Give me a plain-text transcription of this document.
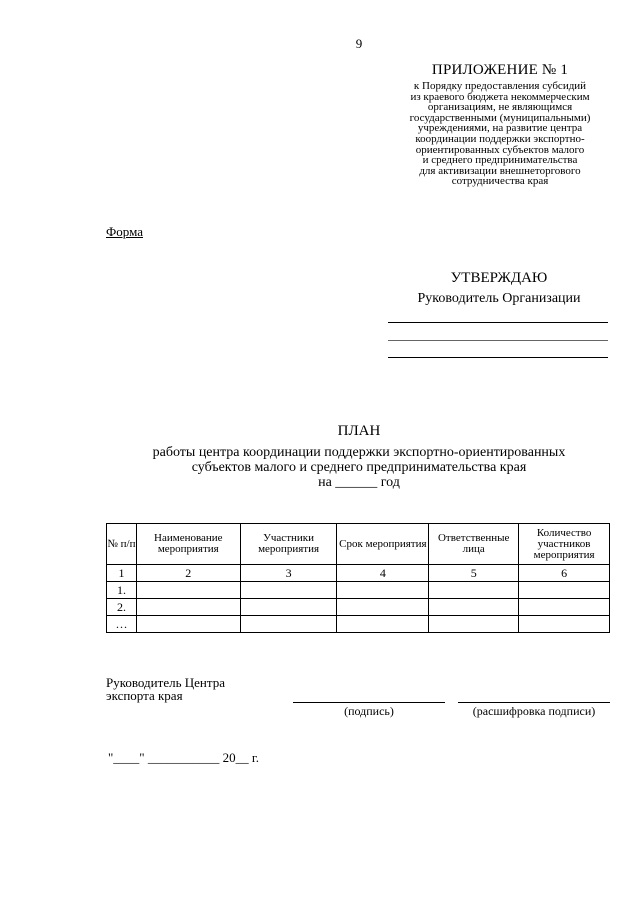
9
ПРИЛОЖЕНИЕ № 1
к Порядку предоставления субсидий
из краевого бюджета некоммерческим
организациям, не являющимся
государственными (муниципальными)
учреждениями, на развитие центра
координации поддержки экспортно-
ориентированных субъектов малого
и среднего предпринимательства
для активизации внешнеторгового
сотрудничества края
Форма
УТВЕРЖДАЮ
Руководитель Организации
ПЛАН
работы центра координации поддержки экспортно-ориентированных
субъектов малого и среднего предпринимательства края
на ______ год
№ п/п	Наименование мероприятия	Участники мероприятия	Срок мероприятия	Ответственные лица	Количество участников мероприятия
1	2	3	4	5	6
1.					
2.					
…					
Руководитель Центра
экспорта края
(подпись)	(расшифровка подписи)
"____" ___________ 20__ г.
